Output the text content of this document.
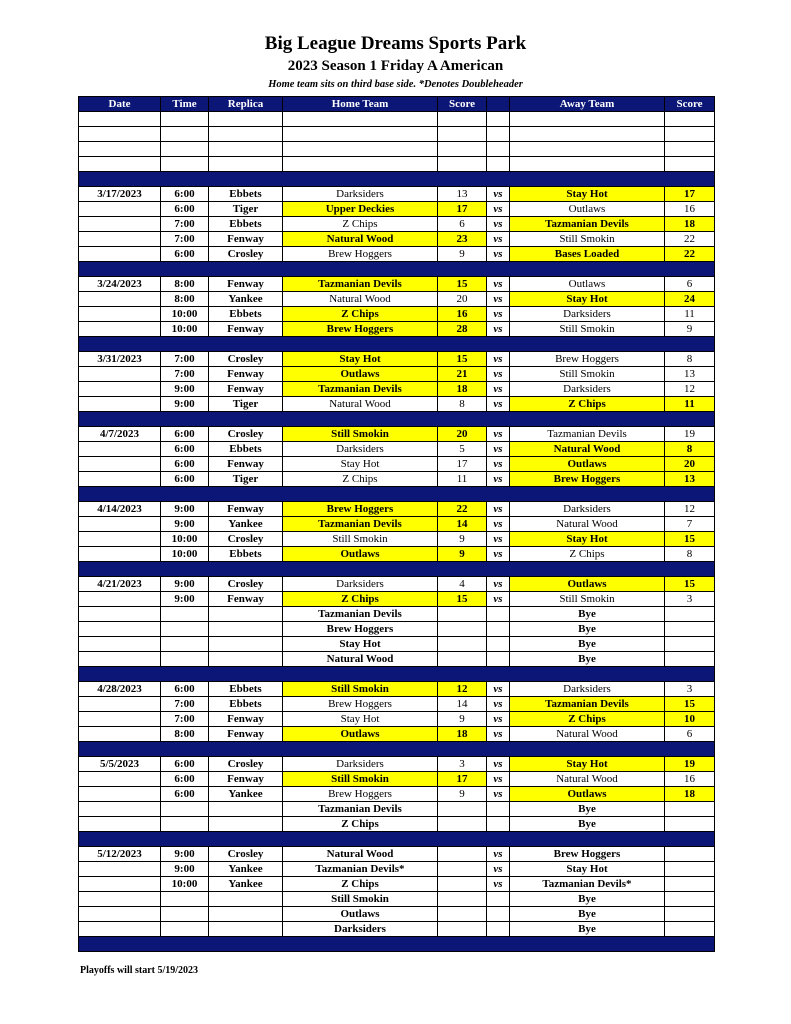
Big League Dreams Sports Park
2023 Season 1 Friday A American
Home team sits on third base side. *Denotes Doubleheader
Date	Time	Replica	Home Team	Score		Away Team	Score

3/17/2023	6:00	Ebbets	Darksiders	13	vs	Stay Hot	17
	6:00	Tiger	Upper Deckies	17	vs	Outlaws	16
	7:00	Ebbets	Z Chips	6	vs	Tazmanian Devils	18
	7:00	Fenway	Natural Wood	23	vs	Still Smokin	22
	6:00	Crosley	Brew Hoggers	9	vs	Bases Loaded	22

3/24/2023	8:00	Fenway	Tazmanian Devils	15	vs	Outlaws	6
	8:00	Yankee	Natural Wood	20	vs	Stay Hot	24
	10:00	Ebbets	Z Chips	16	vs	Darksiders	11
	10:00	Fenway	Brew Hoggers	28	vs	Still Smokin	9

3/31/2023	7:00	Crosley	Stay Hot	15	vs	Brew Hoggers	8
	7:00	Fenway	Outlaws	21	vs	Still Smokin	13
	9:00	Fenway	Tazmanian Devils	18	vs	Darksiders	12
	9:00	Tiger	Natural Wood	8	vs	Z Chips	11

4/7/2023	6:00	Crosley	Still Smokin	20	vs	Tazmanian Devils	19
	6:00	Ebbets	Darksiders	5	vs	Natural Wood	8
	6:00	Fenway	Stay Hot	17	vs	Outlaws	20
	6:00	Tiger	Z Chips	11	vs	Brew Hoggers	13

4/14/2023	9:00	Fenway	Brew Hoggers	22	vs	Darksiders	12
	9:00	Yankee	Tazmanian Devils	14	vs	Natural Wood	7
	10:00	Crosley	Still Smokin	9	vs	Stay Hot	15
	10:00	Ebbets	Outlaws	9	vs	Z Chips	8

4/21/2023	9:00	Crosley	Darksiders	4	vs	Outlaws	15
	9:00	Fenway	Z Chips	15	vs	Still Smokin	3
			Tazmanian Devils			Bye	
			Brew Hoggers			Bye	
			Stay Hot			Bye	
			Natural Wood			Bye	

4/28/2023	6:00	Ebbets	Still Smokin	12	vs	Darksiders	3
	7:00	Ebbets	Brew Hoggers	14	vs	Tazmanian Devils	15
	7:00	Fenway	Stay Hot	9	vs	Z Chips	10
	8:00	Fenway	Outlaws	18	vs	Natural Wood	6

5/5/2023	6:00	Crosley	Darksiders	3	vs	Stay Hot	19
	6:00	Fenway	Still Smokin	17	vs	Natural Wood	16
	6:00	Yankee	Brew Hoggers	9	vs	Outlaws	18
			Tazmanian Devils			Bye	
			Z Chips			Bye	

5/12/2023	9:00	Crosley	Natural Wood		vs	Brew Hoggers	
	9:00	Yankee	Tazmanian Devils*		vs	Stay Hot	
	10:00	Yankee	Z Chips		vs	Tazmanian Devils*	
			Still Smokin			Bye	
			Outlaws			Bye	
			Darksiders			Bye	

Playoffs will start 5/19/2023
